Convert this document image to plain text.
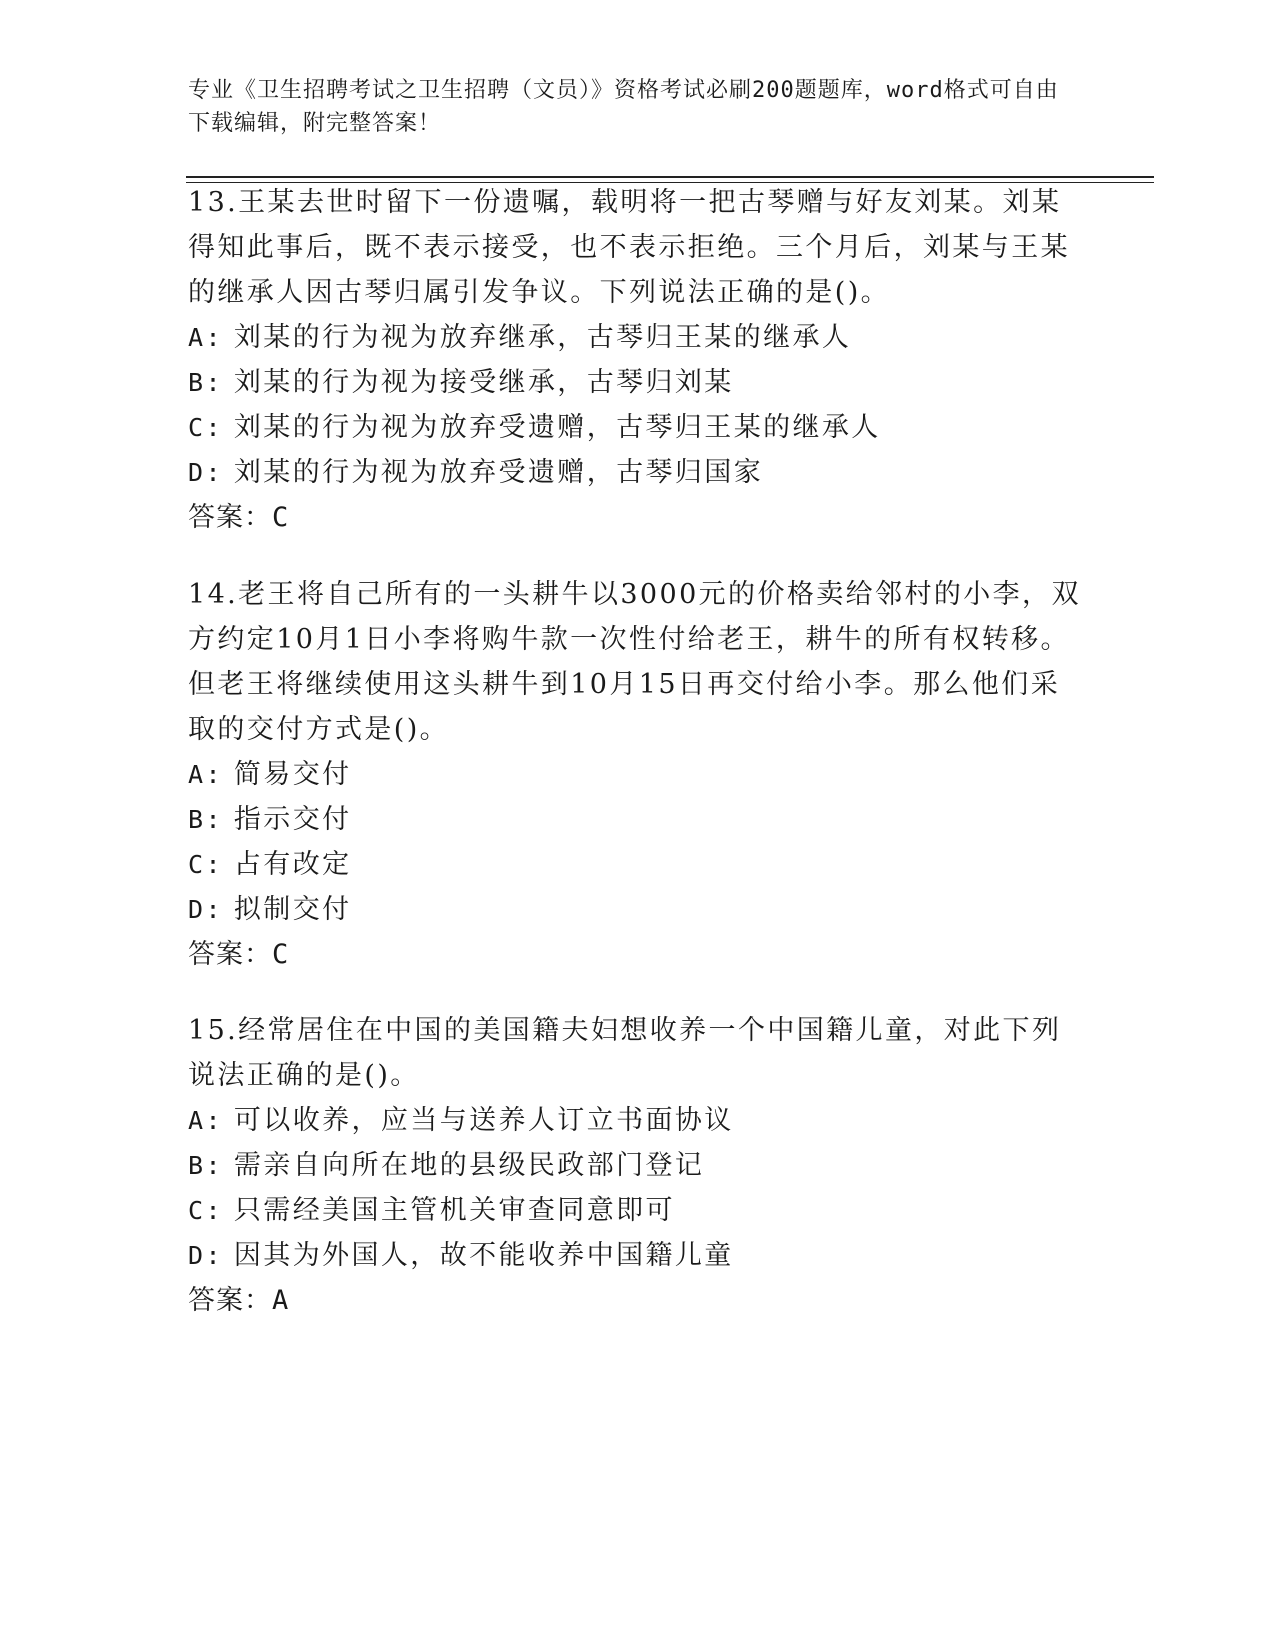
专业《卫生招聘考试之卫生招聘（文员）》资格考试必刷200题题库，word格式可自由下载编辑，附完整答案！

13.王某去世时留下一份遗嘱，载明将一把古琴赠与好友刘某。刘某得知此事后，既不表示接受，也不表示拒绝。三个月后，刘某与王某的继承人因古琴归属引发争议。下列说法正确的是()。

A: 刘某的行为视为放弃继承，古琴归王某的继承人

B: 刘某的行为视为接受继承，古琴归刘某

C: 刘某的行为视为放弃受遗赠，古琴归王某的继承人

D: 刘某的行为视为放弃受遗赠，古琴归国家

答案：C

14.老王将自己所有的一头耕牛以3000元的价格卖给邻村的小李，双方约定10月1日小李将购牛款一次性付给老王，耕牛的所有权转移。但老王将继续使用这头耕牛到10月15日再交付给小李。那么他们采取的交付方式是()。

A: 简易交付

B: 指示交付

C: 占有改定

D: 拟制交付

答案：C

15.经常居住在中国的美国籍夫妇想收养一个中国籍儿童，对此下列说法正确的是()。

A: 可以收养，应当与送养人订立书面协议

B: 需亲自向所在地的县级民政部门登记

C: 只需经美国主管机关审查同意即可

D: 因其为外国人，故不能收养中国籍儿童

答案：A
